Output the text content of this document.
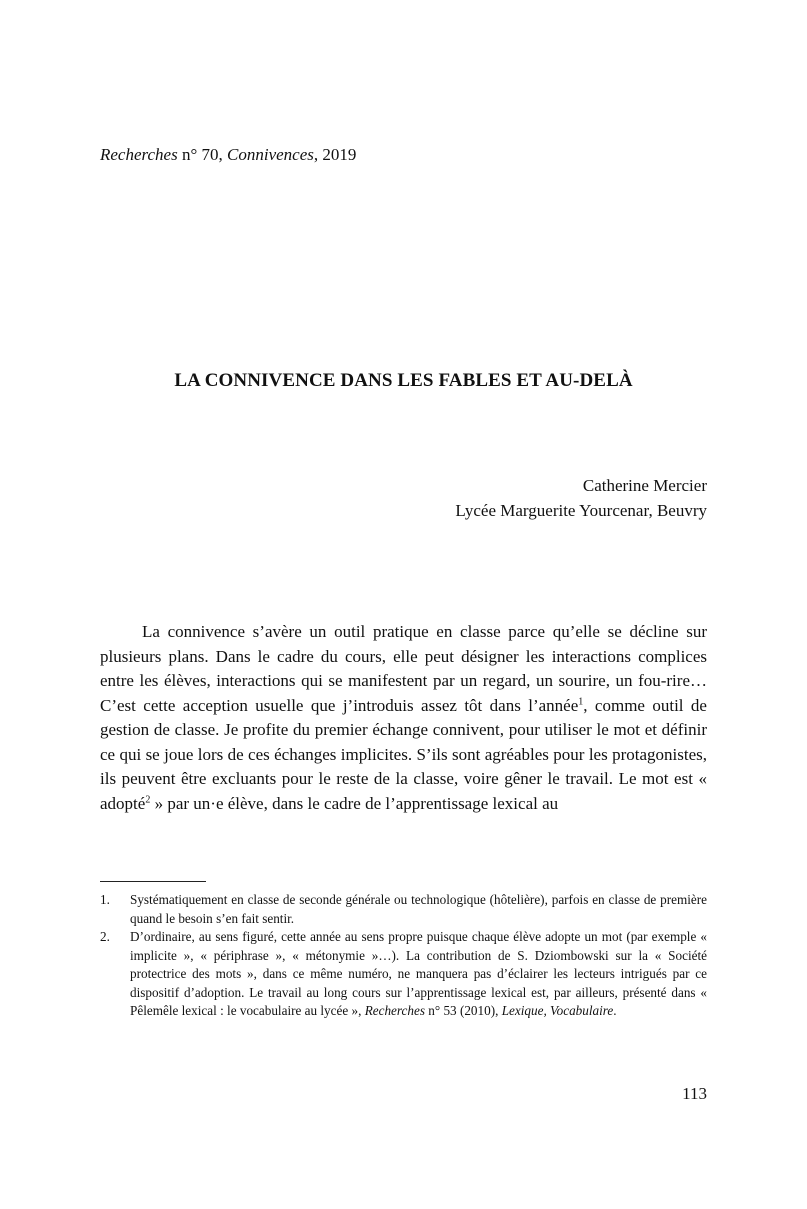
Recherches n° 70, Connivences, 2019
LA CONNIVENCE DANS LES FABLES ET AU-DELÀ
Catherine Mercier
Lycée Marguerite Yourcenar, Beuvry
La connivence s’avère un outil pratique en classe parce qu’elle se décline sur plusieurs plans. Dans le cadre du cours, elle peut désigner les interactions complices entre les élèves, interactions qui se manifestent par un regard, un sourire, un fou-rire… C’est cette acception usuelle que j’introduis assez tôt dans l’année$^1$, comme outil de gestion de classe. Je profite du premier échange connivent, pour utiliser le mot et définir ce qui se joue lors de ces échanges implicites. S’ils sont agréables pour les protagonistes, ils peuvent être excluants pour le reste de la classe, voire gêner le travail. Le mot est « adopté$^2$ » par un·e élève, dans le cadre de l’apprentissage lexical au
1. Systématiquement en classe de seconde générale ou technologique (hôtelière), parfois en classe de première quand le besoin s’en fait sentir.
2. D’ordinaire, au sens figuré, cette année au sens propre puisque chaque élève adopte un mot (par exemple « implicite », « périphrase », « métonymie »…). La contribution de S. Dziombowski sur la « Société protectrice des mots », dans ce même numéro, ne manquera pas d’éclairer les lecteurs intrigués par ce dispositif d’adoption. Le travail au long cours sur l’apprentissage lexical est, par ailleurs, présenté dans « Pêlemêle lexical : le vocabulaire au lycée », Recherches n° 53 (2010), Lexique, Vocabulaire.
113
